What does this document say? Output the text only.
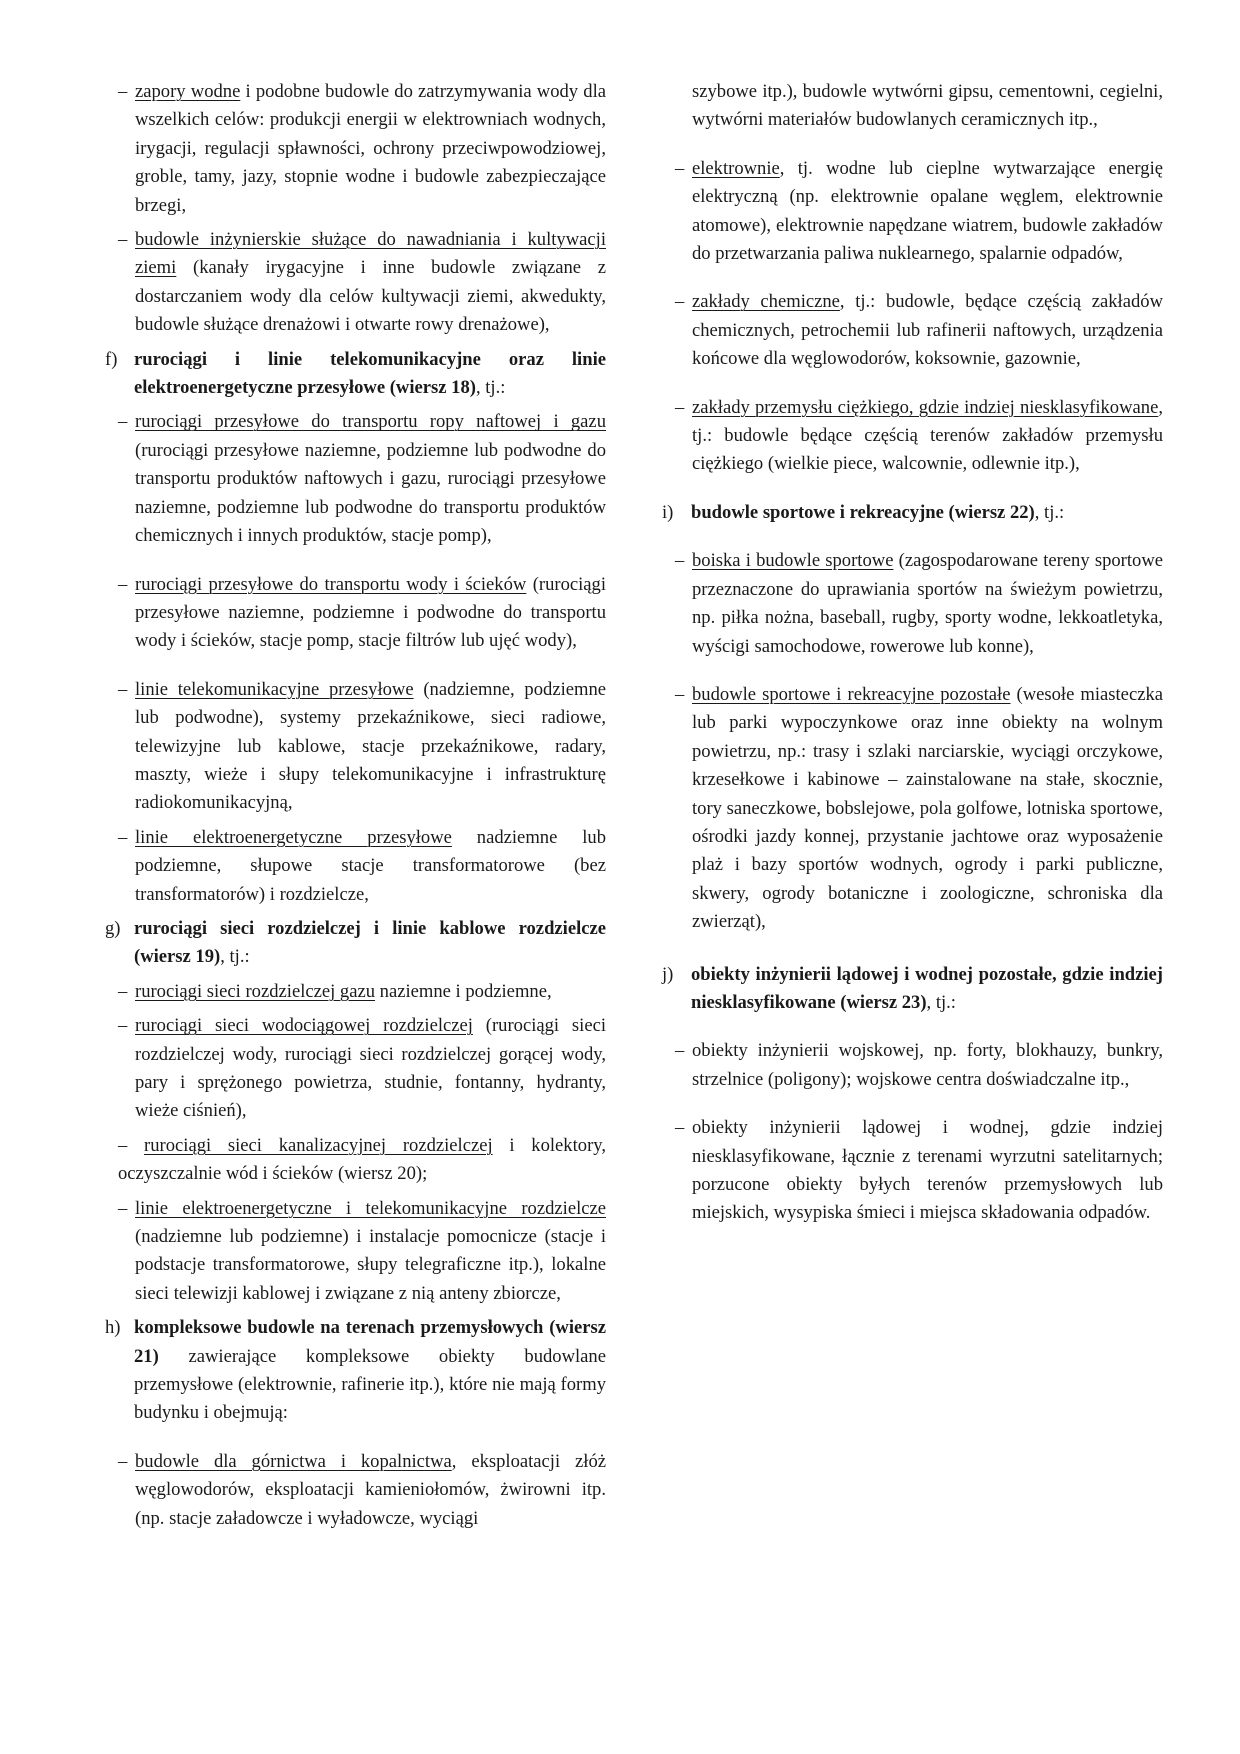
– zapory wodne i podobne budowle do zatrzymywania wody dla wszelkich celów: produkcji energii w elektrowniach wodnych, irygacji, regulacji spławności, ochrony przeciwpowodziowej, groble, tamy, jazy, stopnie wodne i budowle zabezpieczające brzegi,

– budowle inżynierskie służące do nawadniania i kultywacji ziemi (kanały irygacyjne i inne budowle związane z dostarczaniem wody dla celów kultywacji ziemi, akwedukty, budowle służące drenażowi i otwarte rowy drenażowe),

f) rurociągi i linie telekomunikacyjne oraz linie elektroenergetyczne przesyłowe (wiersz 18), tj.:

– rurociągi przesyłowe do transportu ropy naftowej i gazu (rurociągi przesyłowe naziemne, podziemne lub podwodne do transportu produktów naftowych i gazu, rurociągi przesyłowe naziemne, podziemne lub podwodne do transportu produktów chemicznych i innych produktów, stacje pomp),

– rurociągi przesyłowe do transportu wody i ścieków (rurociągi przesyłowe naziemne, podziemne i podwodne do transportu wody i ścieków, stacje pomp, stacje filtrów lub ujęć wody),

– linie telekomunikacyjne przesyłowe (nadziemne, podziemne lub podwodne), systemy przekaźnikowe, sieci radiowe, telewizyjne lub kablowe, stacje przekaźnikowe, radary, maszty, wieże i słupy telekomunikacyjne i infrastrukturę radiokomunikacyjną,

– linie elektroenergetyczne przesyłowe nadziemne lub podziemne, słupowe stacje transformatorowe (bez transformatorów) i rozdzielcze,

g) rurociągi sieci rozdzielczej i linie kablowe rozdzielcze (wiersz 19), tj.:

– rurociągi sieci rozdzielczej gazu naziemne i podziemne,

– rurociągi sieci wodociągowej rozdzielczej (rurociągi sieci rozdzielczej wody, rurociągi sieci rozdzielczej gorącej wody, pary i sprężonego powietrza, studnie, fontanny, hydranty, wieże ciśnień),

– rurociągi sieci kanalizacyjnej rozdzielczej i kolektory, oczyszczalnie wód i ścieków (wiersz 20);

– linie elektroenergetyczne i telekomunikacyjne rozdzielcze (nadziemne lub podziemne) i instalacje pomocnicze (stacje i podstacje transformatorowe, słupy telegraficzne itp.), lokalne sieci telewizji kablowej i związane z nią anteny zbiorcze,

h) kompleksowe budowle na terenach przemysłowych (wiersz 21) zawierające kompleksowe obiekty budowlane przemysłowe (elektrownie, rafinerie itp.), które nie mają formy budynku i obejmują:

– budowle dla górnictwa i kopalnictwa, eksploatacji złóż węglowodorów, eksploatacji kamieniołomów, żwirowni itp. (np. stacje załadowcze i wyładowcze, wyciągi

szybowe itp.), budowle wytwórni gipsu, cementowni, cegielni, wytwórni materiałów budowlanych ceramicznych itp.,

– elektrownie, tj. wodne lub cieplne wytwarzające energię elektryczną (np. elektrownie opalane węglem, elektrownie atomowe), elektrownie napędzane wiatrem, budowle zakładów do przetwarzania paliwa nuklearnego, spalarnie odpadów,

– zakłady chemiczne, tj.: budowle, będące częścią zakładów chemicznych, petrochemii lub rafinerii naftowych, urządzenia końcowe dla węglowodorów, koksownie, gazownie,

– zakłady przemysłu ciężkiego, gdzie indziej niesklasyfikowane, tj.: budowle będące częścią terenów zakładów przemysłu ciężkiego (wielkie piece, walcownie, odlewnie itp.),

i) budowle sportowe i rekreacyjne (wiersz 22), tj.:

– boiska i budowle sportowe (zagospodarowane tereny sportowe przeznaczone do uprawiania sportów na świeżym powietrzu, np. piłka nożna, baseball, rugby, sporty wodne, lekkoatletyka, wyścigi samochodowe, rowerowe lub konne),

– budowle sportowe i rekreacyjne pozostałe (wesołe miasteczka lub parki wypoczynkowe oraz inne obiekty na wolnym powietrzu, np.: trasy i szlaki narciarskie, wyciągi orczykowe, krzesełkowe i kabinowe – zainstalowane na stałe, skocznie, tory saneczkowe, bobslejowe, pola golfowe, lotniska sportowe, ośrodki jazdy konnej, przystanie jachtowe oraz wyposażenie plaż i bazy sportów wodnych, ogrody i parki publiczne, skwery, ogrody botaniczne i zoologiczne, schroniska dla zwierząt),

j) obiekty inżynierii lądowej i wodnej pozostałe, gdzie indziej niesklasyfikowane (wiersz 23), tj.:

– obiekty inżynierii wojskowej, np. forty, blokhauzy, bunkry, strzelnice (poligony); wojskowe centra doświadczalne itp.,

– obiekty inżynierii lądowej i wodnej, gdzie indziej niesklasyfikowane, łącznie z terenami wyrzutni satelitarnych; porzucone obiekty byłych terenów przemysłowych lub miejskich, wysypiska śmieci i miejsca składowania odpadów.
